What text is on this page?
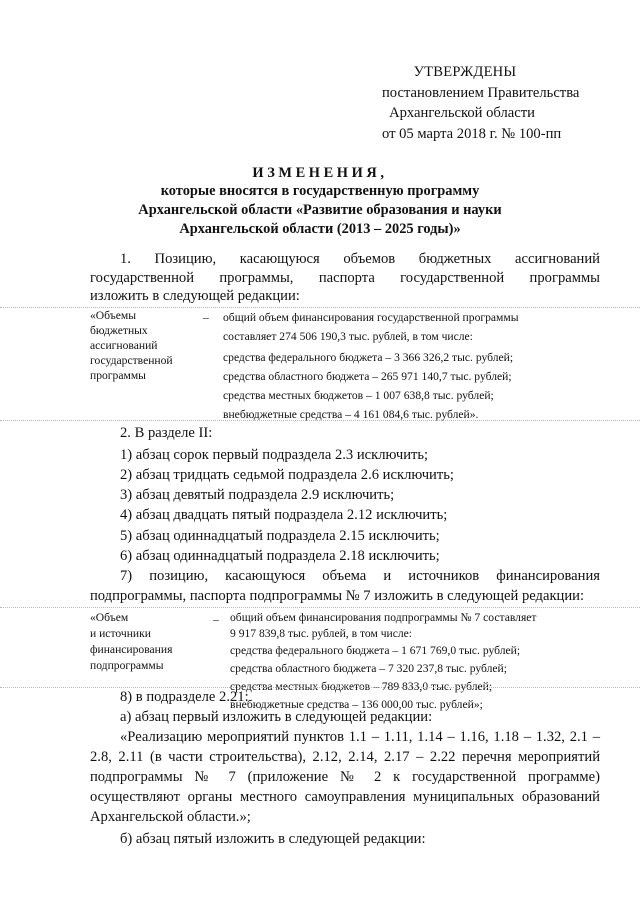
УТВЕРЖДЕНЫ
постановлением Правительства
Архангельской области
от 05 марта 2018 г. № 100-пп
ИЗМЕНЕНИЯ,
которые вносятся в государственную программу
Архангельской области «Развитие образования и науки
Архангельской области (2013 – 2025 годы)»
1. Позицию, касающуюся объемов бюджетных ассигнований
государственной программы, паспорта государственной программы
изложить в следующей редакции:
«Объемы
бюджетных
ассигнований
государственной
программы
– общий объем финансирования государственной программы
составляет 274 506 190,3 тыс. рублей, в том числе:
средства федерального бюджета – 3 366 326,2 тыс. рублей;
средства областного бюджета – 265 971 140,7 тыс. рублей;
средства местных бюджетов – 1 007 638,8 тыс. рублей;
внебюджетные средства – 4 161 084,6 тыс. рублей».
2. В разделе II:
1) абзац сорок первый подраздела 2.3 исключить;
2) абзац тридцать седьмой подраздела 2.6 исключить;
3) абзац девятый подраздела 2.9 исключить;
4) абзац двадцать пятый подраздела 2.12 исключить;
5) абзац одиннадцатый подраздела 2.15 исключить;
6) абзац одиннадцатый подраздела 2.18 исключить;
7) позицию, касающуюся объема и источников финансирования
подпрограммы, паспорта подпрограммы № 7 изложить в следующей редакции:
«Объем
и источники
финансирования
подпрограммы
– общий объем финансирования подпрограммы № 7 составляет
9 917 839,8 тыс. рублей, в том числе:
средства федерального бюджета – 1 671 769,0 тыс. рублей;
средства областного бюджета – 7 320 237,8 тыс. рублей;
средства местных бюджетов – 789 833,0 тыс. рублей;
внебюджетные средства – 136 000,00 тыс. рублей»;
8) в подразделе 2.21:
а) абзац первый изложить в следующей редакции:
«Реализацию мероприятий пунктов 1.1 – 1.11, 1.14 – 1.16, 1.18 – 1.32, 2.1 –
2.8, 2.11 (в части строительства), 2.12, 2.14, 2.17 – 2.22 перечня мероприятий
подпрограммы № 7 (приложение № 2 к государственной программе)
осуществляют органы местного самоуправления муниципальных образований
Архангельской области.»;
б) абзац пятый изложить в следующей редакции:
